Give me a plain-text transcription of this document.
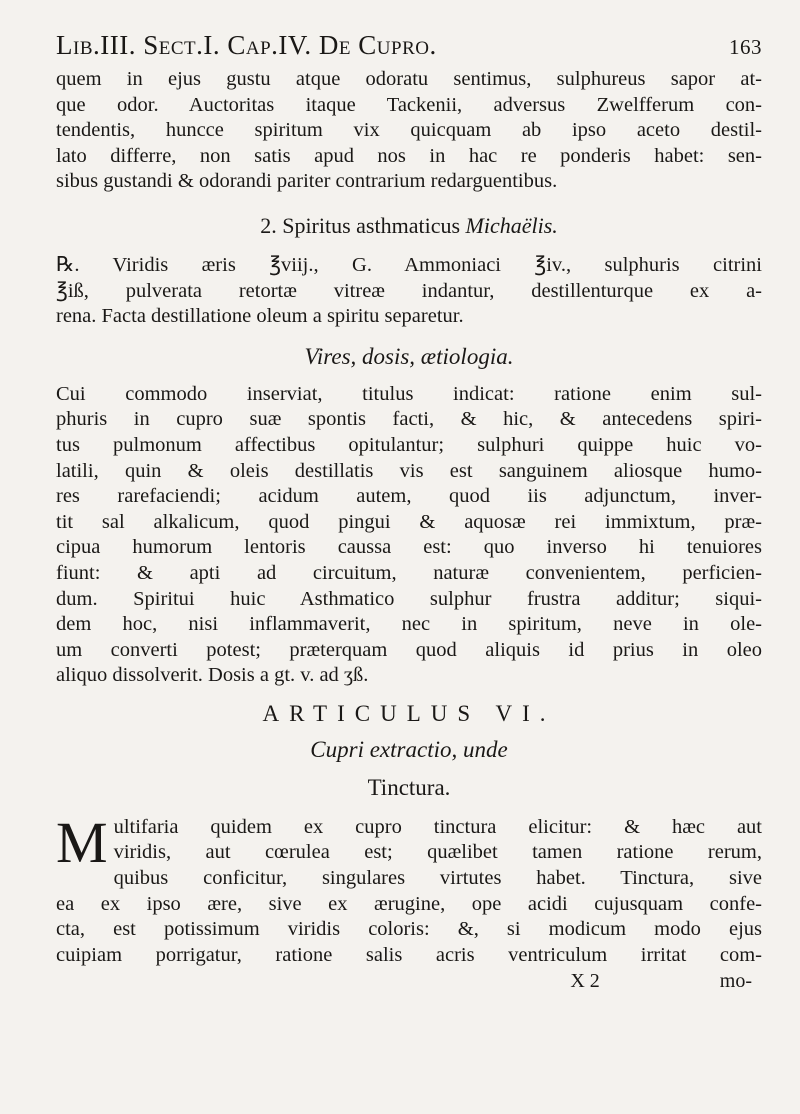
Lib.III. Sect.I. Cap.IV. De Cupro.	163

quem in ejus gustu atque odoratu sentimus, sulphureus sapor at-
que odor. Auctoritas itaque Tackenii, adversus Zwelfferum con-
tendentis, huncce spiritum vix quicquam ab ipso aceto destil-
lato differre, non satis apud nos in hac re ponderis habet: sen-
sibus gustandi & odorandi pariter contrarium redarguentibus.

2. Spiritus asthmaticus Michaëlis.

℞. Viridis æris ℥viij., G. Ammoniaci ℥iv., sulphuris citrini
℥iß, pulverata retortæ vitreæ indantur, destillenturque ex a-
rena. Facta destillatione oleum a spiritu separetur.

Vires, dosis, ætiologia.

Cui commodo inserviat, titulus indicat: ratione enim sul-
phuris in cupro suæ spontis facti, & hic, & antecedens spiri-
tus pulmonum affectibus opitulantur; sulphuri quippe huic vo-
latili, quin & oleis destillatis vis est sanguinem aliosque humo-
res rarefaciendi; acidum autem, quod iis adjunctum, inver-
tit sal alkalicum, quod pingui & aquosæ rei immixtum, præ-
cipua humorum lentoris caussa est: quo inverso hi tenuiores
fiunt: & apti ad circuitum, naturæ convenientem, perficien-
dum. Spiritui huic Asthmatico sulphur frustra additur; siqui-
dem hoc, nisi inflammaverit, nec in spiritum, neve in ole-
um converti potest; præterquam quod aliquis id prius in oleo
aliquo dissolverit. Dosis a gt. v. ad ʒß.

ARTICULUS VI.
Cupri extractio, unde
Tinctura.
M ultifaria quidem ex cupro tinctura elicitur: & hæc aut
viridis, aut cœrulea est; quælibet tamen ratione rerum,
quibus conficitur, singulares virtutes habet. Tinctura, sive
ea ex ipso ære, sive ex ærugine, ope acidi cujusquam confe-
cta, est potissimum viridis coloris: &, si modicum modo ejus
cuipiam porrigatur, ratione salis acris ventriculum irritat com-

X 2	mo-
